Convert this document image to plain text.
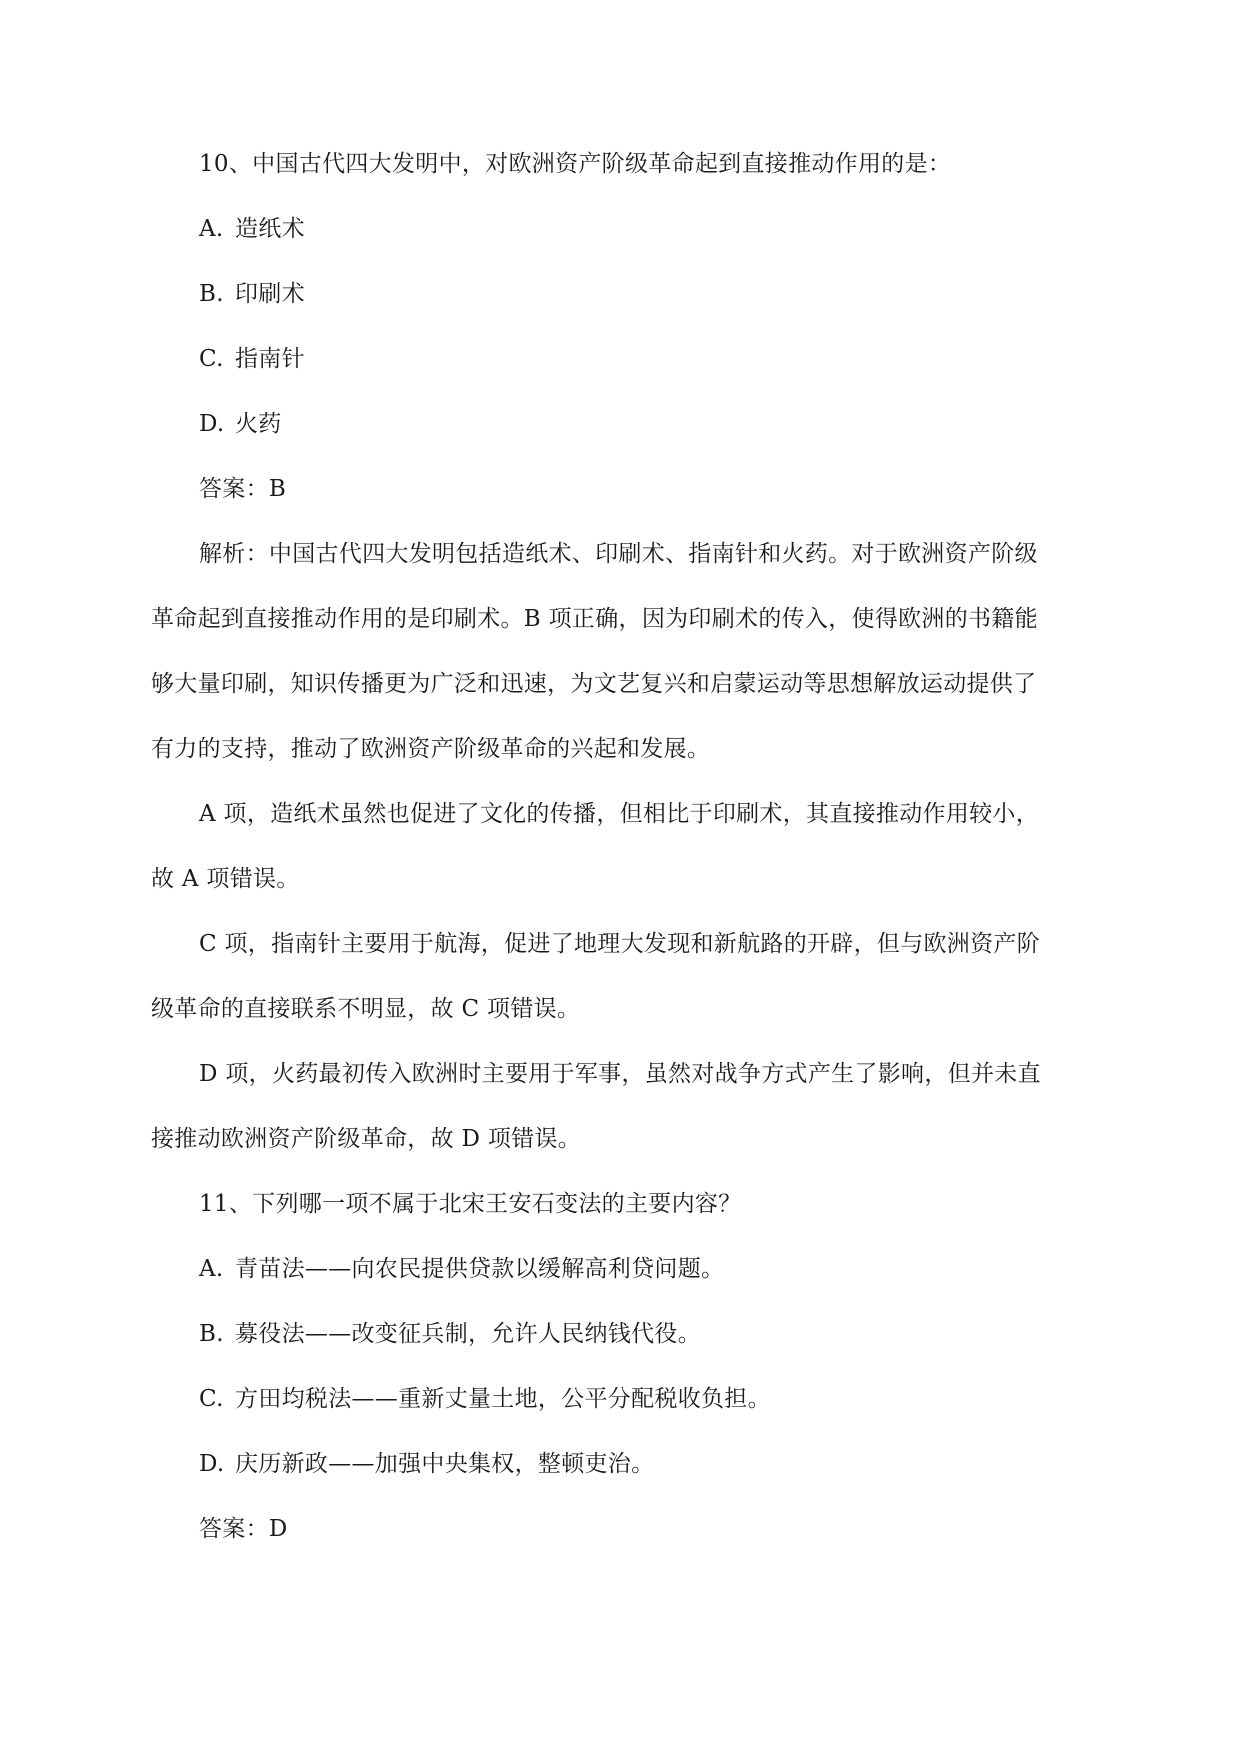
10、中国古代四大发明中，对欧洲资产阶级革命起到直接推动作用的是：
A. 造纸术
B. 印刷术
C. 指南针
D. 火药
答案：B
解析：中国古代四大发明包括造纸术、印刷术、指南针和火药。对于欧洲资产阶级
革命起到直接推动作用的是印刷术。B 项正确，因为印刷术的传入，使得欧洲的书籍能
够大量印刷，知识传播更为广泛和迅速，为文艺复兴和启蒙运动等思想解放运动提供了
有力的支持，推动了欧洲资产阶级革命的兴起和发展。
A 项，造纸术虽然也促进了文化的传播，但相比于印刷术，其直接推动作用较小，
故 A 项错误。
C 项，指南针主要用于航海，促进了地理大发现和新航路的开辟，但与欧洲资产阶
级革命的直接联系不明显，故 C 项错误。
D 项，火药最初传入欧洲时主要用于军事，虽然对战争方式产生了影响，但并未直
接推动欧洲资产阶级革命，故 D 项错误。
11、下列哪一项不属于北宋王安石变法的主要内容？
A. 青苗法——向农民提供贷款以缓解高利贷问题。
B. 募役法——改变征兵制，允许人民纳钱代役。
C. 方田均税法——重新丈量土地，公平分配税收负担。
D. 庆历新政——加强中央集权，整顿吏治。
答案：D
